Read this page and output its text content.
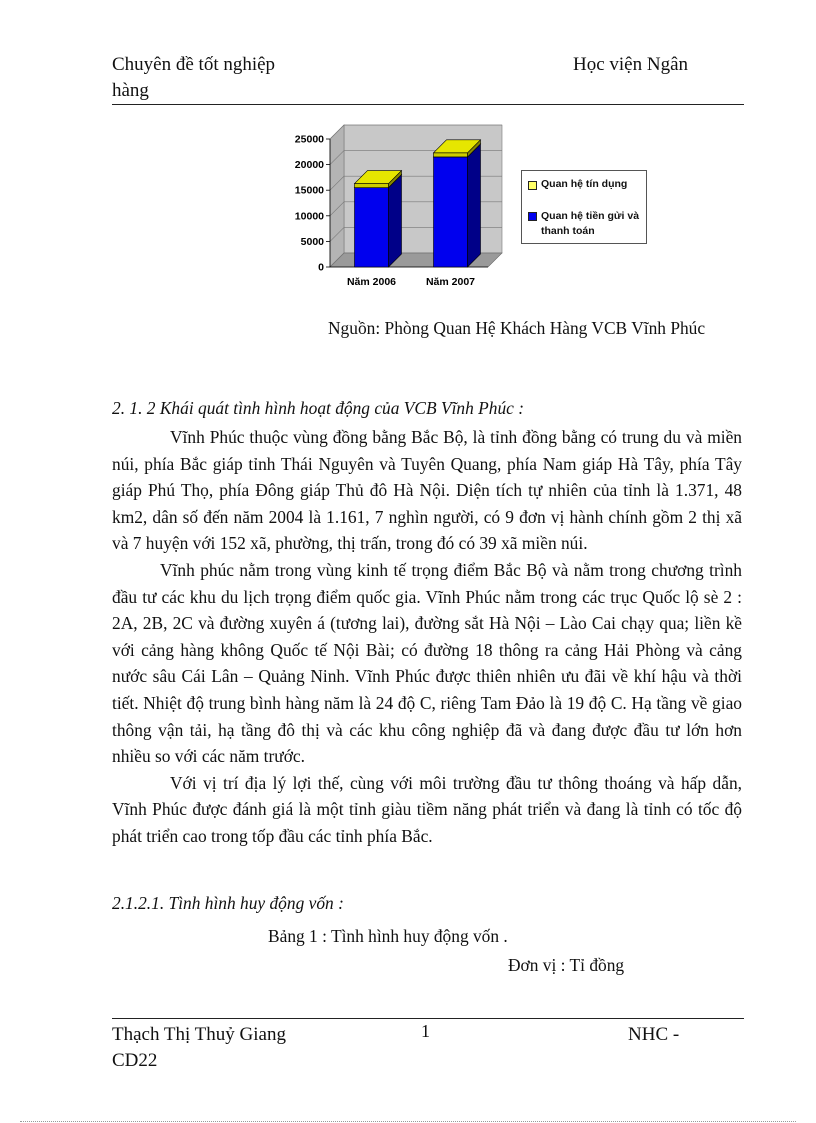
Chuyên đề tốt nghiệp
hàng
Học viện Ngân
25000
20000
15000
10000
5000
0
Năm 2006	Năm 2007
Quan hệ tín dụng
Quan hệ tiền gửi và thanh toán
Nguồn: Phòng Quan Hệ Khách Hàng VCB Vĩnh Phúc
2. 1. 2 Khái quát tình hình hoạt động của VCB Vĩnh Phúc :

Vĩnh Phúc thuộc vùng đồng bằng Bắc Bộ, là tỉnh đồng bằng có trung du và miền núi, phía Bắc giáp tỉnh Thái Nguyên và Tuyên Quang, phía Nam giáp Hà Tây, phía Tây giáp Phú Thọ, phía Đông giáp Thủ đô Hà Nội. Diện tích tự nhiên của tỉnh là 1.371, 48 km2, dân số đến năm 2004 là 1.161, 7 nghìn người, có 9 đơn vị hành chính gồm 2 thị xã và 7 huyện với 152 xã, phường, thị trấn, trong đó có 39 xã miền núi.

Vĩnh phúc nằm trong vùng kinh tế trọng điểm Bắc Bộ và nằm trong chương trình đầu tư các khu du lịch trọng điểm quốc gia. Vĩnh Phúc nằm trong các trục Quốc lộ sè 2 : 2A, 2B, 2C và đường xuyên á (tương lai), đường sắt Hà Nội – Lào Cai chạy qua; liền kề với cảng hàng không Quốc tế Nội Bài; có đường 18 thông ra cảng Hải Phòng và cảng nước sâu Cái Lân – Quảng Ninh. Vĩnh Phúc được thiên nhiên ưu đãi về khí hậu và thời tiết. Nhiệt độ trung bình hàng năm là 24 độ C, riêng Tam Đảo là 19 độ C. Hạ tầng về giao thông vận tải, hạ tầng đô thị và các khu công nghiệp đã và đang được đầu tư lớn hơn nhiều so với các năm trước.

Với vị trí địa lý lợi thế, cùng với môi trường đầu tư thông thoáng và hấp dẫn, Vĩnh Phúc được đánh giá là một tỉnh giàu tiềm năng phát triển và đang là tỉnh có tốc độ phát triển cao trong tốp đầu các tỉnh phía Bắc.

2.1.2.1. Tình hình huy động vốn :
Bảng 1 : Tình hình huy động vốn .
Đơn vị : Tỉ đồng
Thạch Thị Thuỷ Giang
CD22
1	NHC -
